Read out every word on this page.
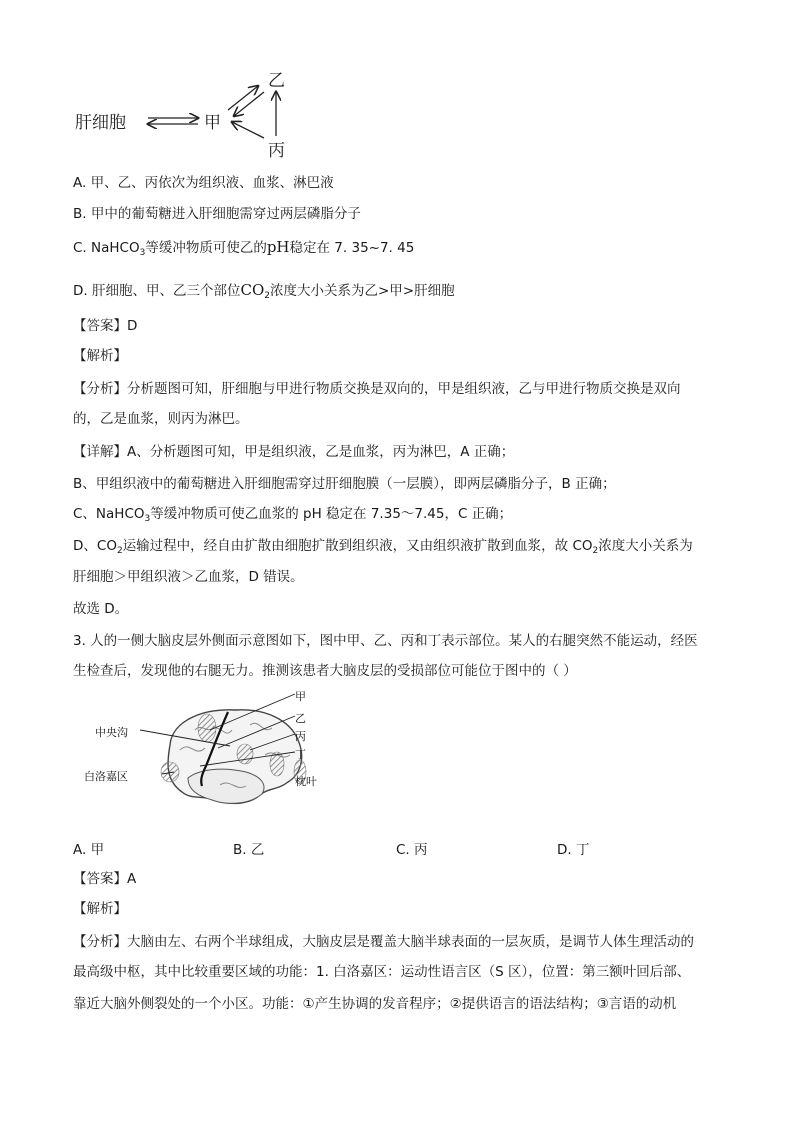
肝细胞	甲
乙
丙
A. 甲、乙、丙依次为组织液、血浆、淋巴液
B. 甲中的葡萄糖进入肝细胞需穿过两层磷脂分子
C. NaHCO$_3$等缓冲物质可使乙的pH稳定在 7. 35~7. 45
D. 肝细胞、甲、乙三个部位$CO_2$浓度大小关系为乙>甲>肝细胞
【答案】D
【解析】
【分析】分析题图可知，肝细胞与甲进行物质交换是双向的，甲是组织液，乙与甲进行物质交换是双向
的，乙是血浆，则丙为淋巴。
【详解】A、分析题图可知，甲是组织液，乙是血浆，丙为淋巴，A 正确；
B、甲组织液中的葡萄糖进入肝细胞需穿过肝细胞膜（一层膜），即两层磷脂分子，B 正确；
C、NaHCO$_3$等缓冲物质可使乙血浆的 pH 稳定在 7.35～7.45，C 正确；
D、$CO_2$运输过程中，经自由扩散由细胞扩散到组织液，又由组织液扩散到血浆，故 $CO_2$浓度大小关系为
肝细胞＞甲组织液＞乙血浆，D 错误。
故选 D。
3. 人的一侧大脑皮层外侧面示意图如下，图中甲、乙、丙和丁表示部位。某人的右腿突然不能运动，经医
生检查后，发现他的右腿无力。推测该患者大脑皮层的受损部位可能位于图中的（ ）
甲
乙
丙
丁
枕叶
中央沟
白洛嘉区
A. 甲	B. 乙	C. 丙	D. 丁
【答案】A
【解析】
【分析】大脑由左、右两个半球组成，大脑皮层是覆盖大脑半球表面的一层灰质，是调节人体生理活动的
最高级中枢，其中比较重要区域的功能：1. 白洛嘉区：运动性语言区（S 区），位置：第三额叶回后部、
靠近大脑外侧裂处的一个小区。功能：①产生协调的发音程序；②提供语言的语法结构；③言语的动机
